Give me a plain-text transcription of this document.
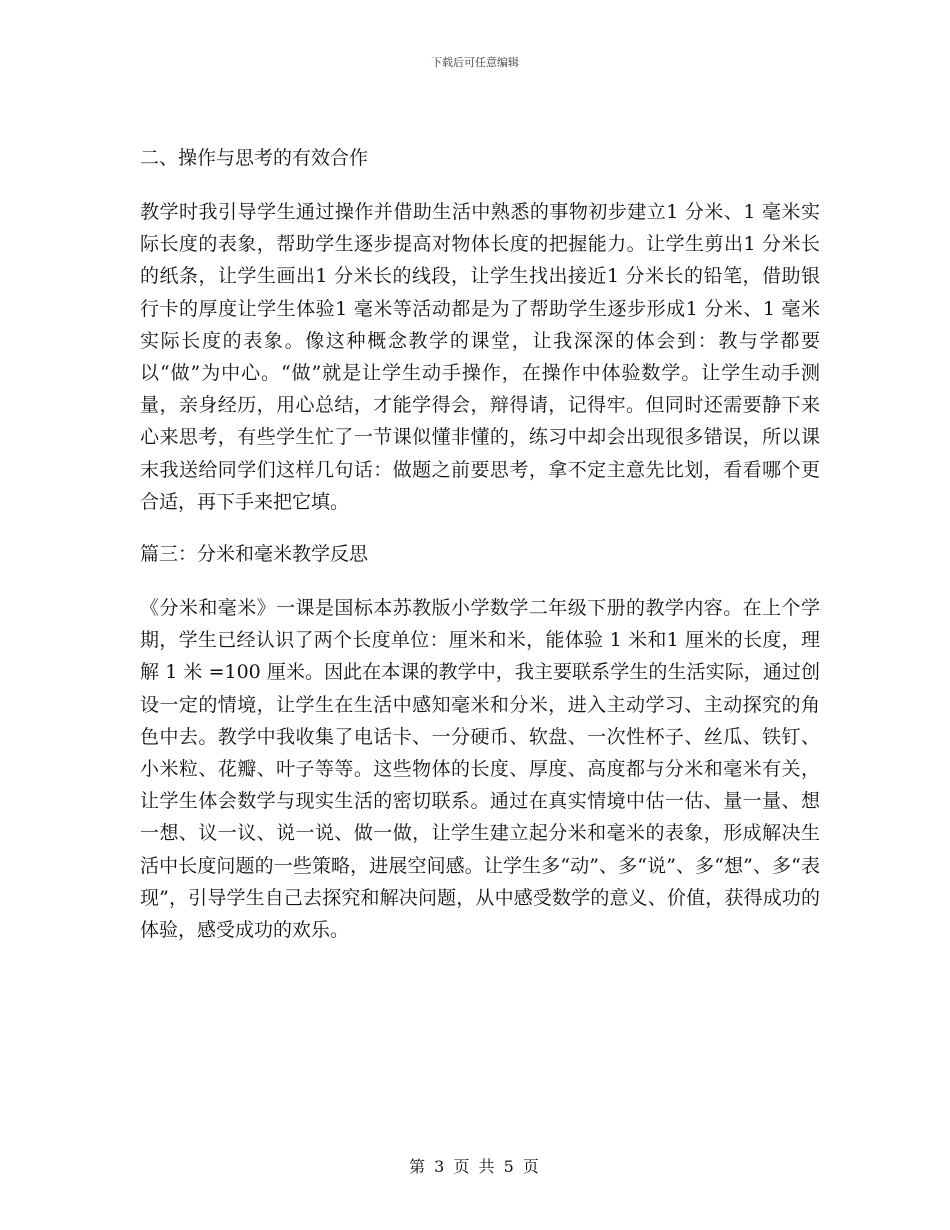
下载后可任意编辑

二、操作与思考的有效合作

教学时我引导学生通过操作并借助生活中熟悉的事物初步建立1 分米、1 毫米实际长度的表象，帮助学生逐步提高对物体长度的把握能力。让学生剪出1 分米长的纸条，让学生画出1 分米长的线段，让学生找出接近1 分米长的铅笔，借助银行卡的厚度让学生体验1 毫米等活动都是为了帮助学生逐步形成1 分米、1 毫米实际长度的表象。像这种概念教学的课堂，让我深深的体会到：教与学都要以“做”为中心。“做”就是让学生动手操作，在操作中体验数学。让学生动手测量，亲身经历，用心总结，才能学得会，辩得请，记得牢。但同时还需要静下来心来思考，有些学生忙了一节课似懂非懂的，练习中却会出现很多错误，所以课末我送给同学们这样几句话：做题之前要思考，拿不定主意先比划，看看哪个更合适，再下手来把它填。

篇三：分米和毫米教学反思

《分米和毫米》一课是国标本苏教版小学数学二年级下册的教学内容。在上个学期，学生已经认识了两个长度单位：厘米和米，能体验 1 米和1 厘米的长度，理解 1 米 =100 厘米。因此在本课的教学中，我主要联系学生的生活实际，通过创设一定的情境，让学生在生活中感知毫米和分米，进入主动学习、主动探究的角色中去。教学中我收集了电话卡、一分硬币、软盘、一次性杯子、丝瓜、铁钉、小米粒、花瓣、叶子等等。这些物体的长度、厚度、高度都与分米和毫米有关，让学生体会数学与现实生活的密切联系。通过在真实情境中估一估、量一量、想一想、议一议、说一说、做一做，让学生建立起分米和毫米的表象，形成解决生活中长度问题的一些策略，进展空间感。让学生多“动”、多“说”、多“想”、多“表现”，引导学生自己去探究和解决问题，从中感受数学的意义、价值，获得成功的体验，感受成功的欢乐。

第 3 页 共 5 页
